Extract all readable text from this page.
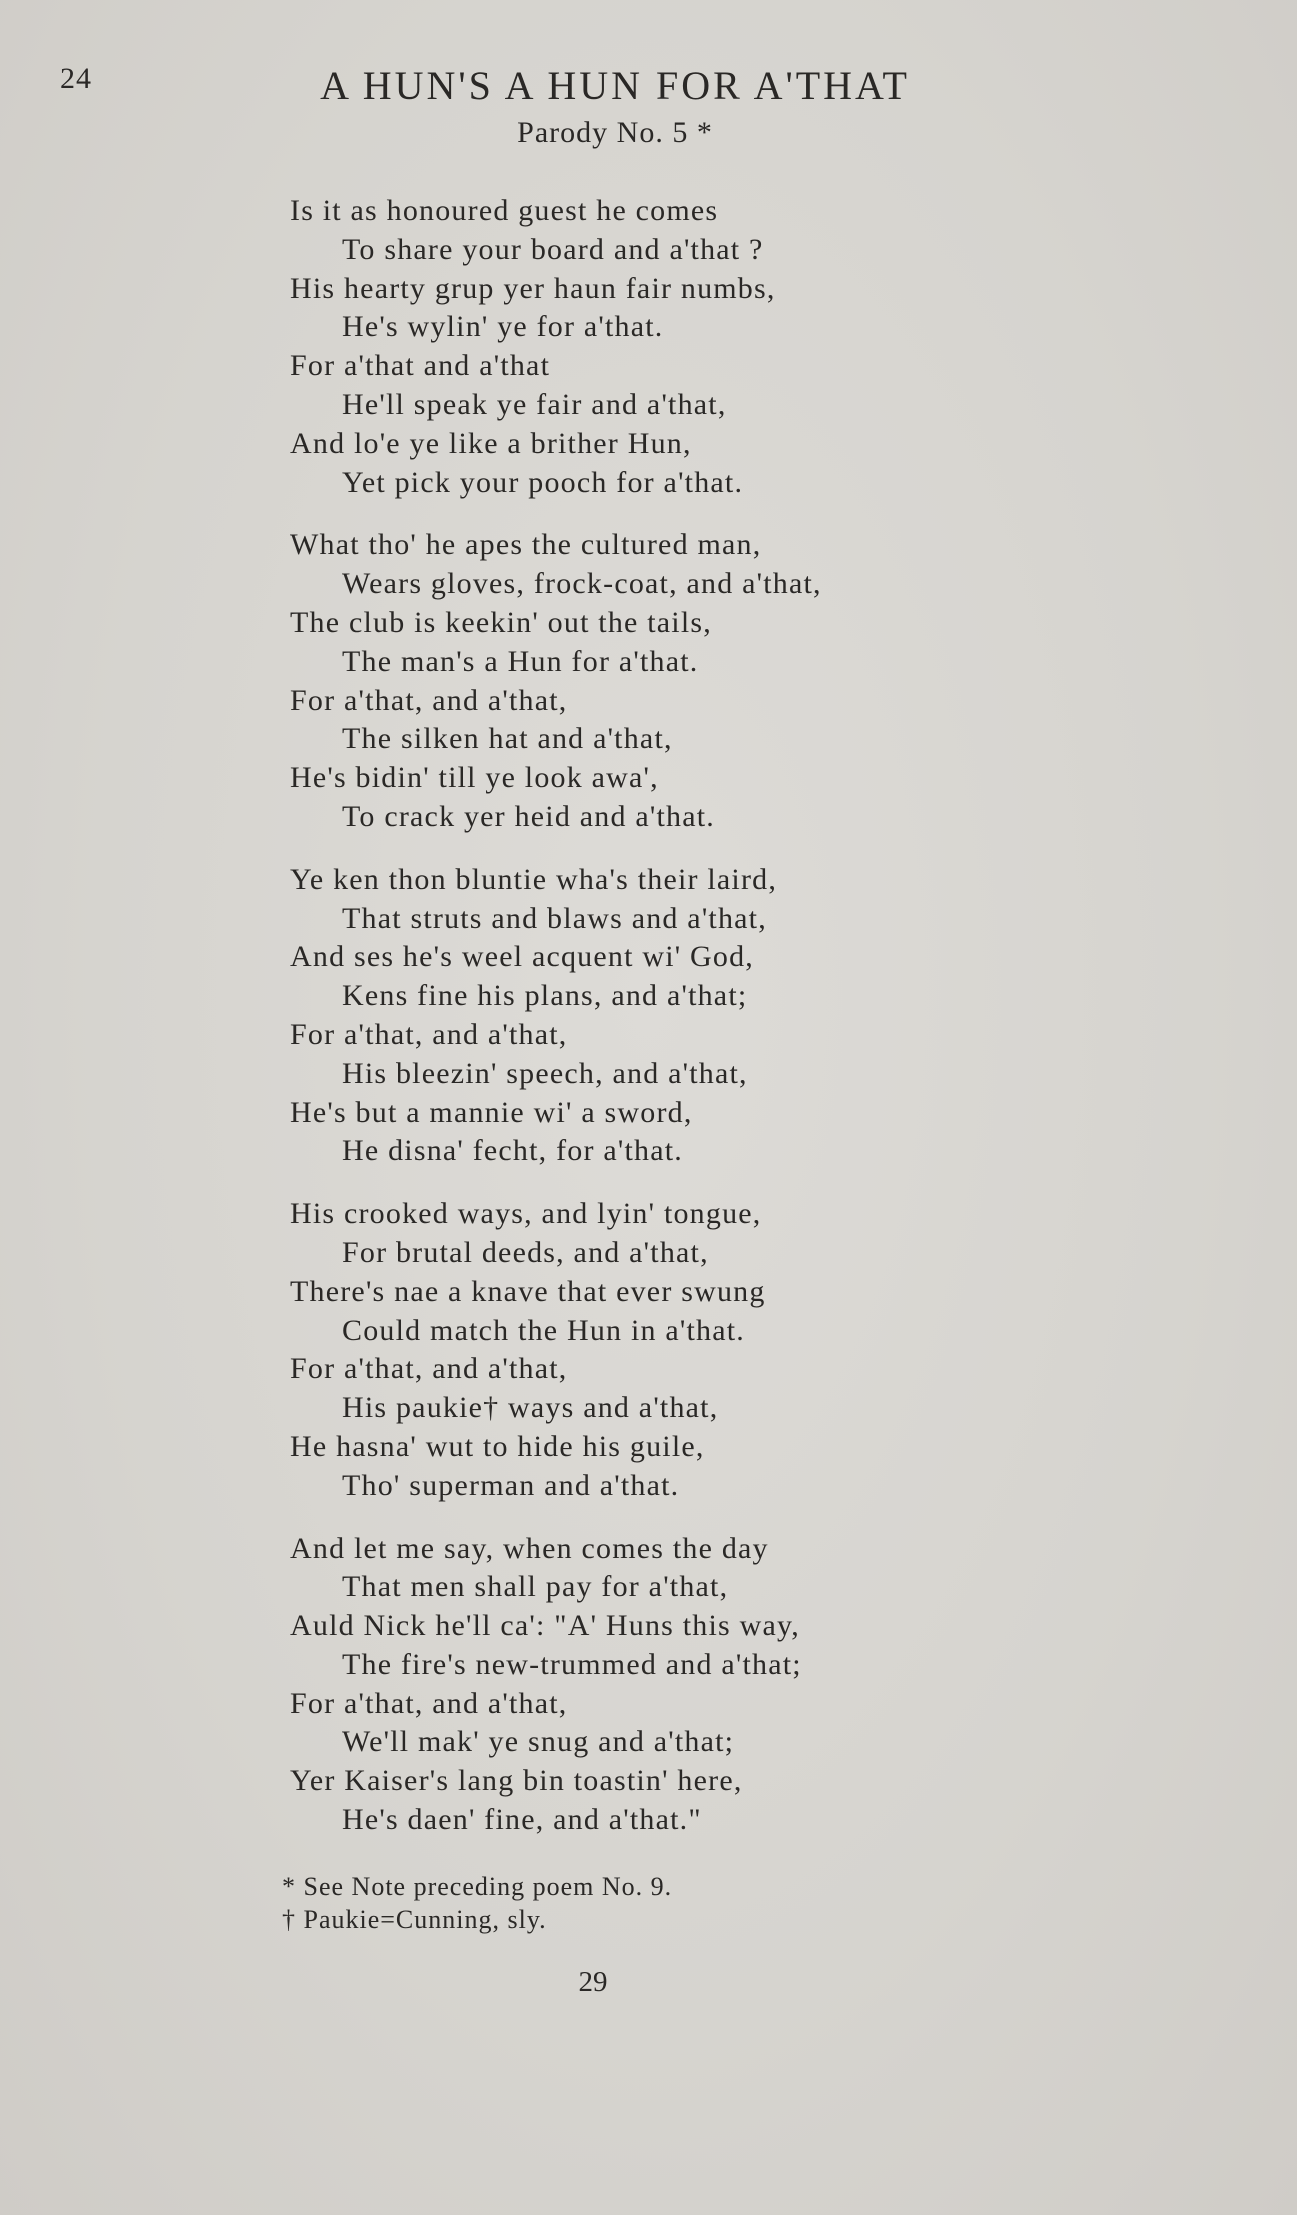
24	A HUN'S A HUN FOR A'THAT
Parody No. 5 *
Is it as honoured guest he comes
To share your board and a'that ?
His hearty grup yer haun fair numbs,
He's wylin' ye for a'that.
For a'that and a'that
He'll speak ye fair and a'that,
And lo'e ye like a brither Hun,
Yet pick your pooch for a'that.
What tho' he apes the cultured man,
Wears gloves, frock-coat, and a'that,
The club is keekin' out the tails,
The man's a Hun for a'that.
For a'that, and a'that,
The silken hat and a'that,
He's bidin' till ye look awa',
To crack yer heid and a'that.
Ye ken thon bluntie wha's their laird,
That struts and blaws and a'that,
And ses he's weel acquent wi' God,
Kens fine his plans, and a'that;
For a'that, and a'that,
His bleezin' speech, and a'that,
He's but a mannie wi' a sword,
He disna' fecht, for a'that.
His crooked ways, and lyin' tongue,
For brutal deeds, and a'that,
There's nae a knave that ever swung
Could match the Hun in a'that.
For a'that, and a'that,
His paukie† ways and a'that,
He hasna' wut to hide his guile,
Tho' superman and a'that.
And let me say, when comes the day
That men shall pay for a'that,
Auld Nick he'll ca': "A' Huns this way,
The fire's new-trummed and a'that;
For a'that, and a'that,
We'll mak' ye snug and a'that;
Yer Kaiser's lang bin toastin' here,
He's daen' fine, and a'that."
* See Note preceding poem No. 9.
† Paukie=Cunning, sly.
29
